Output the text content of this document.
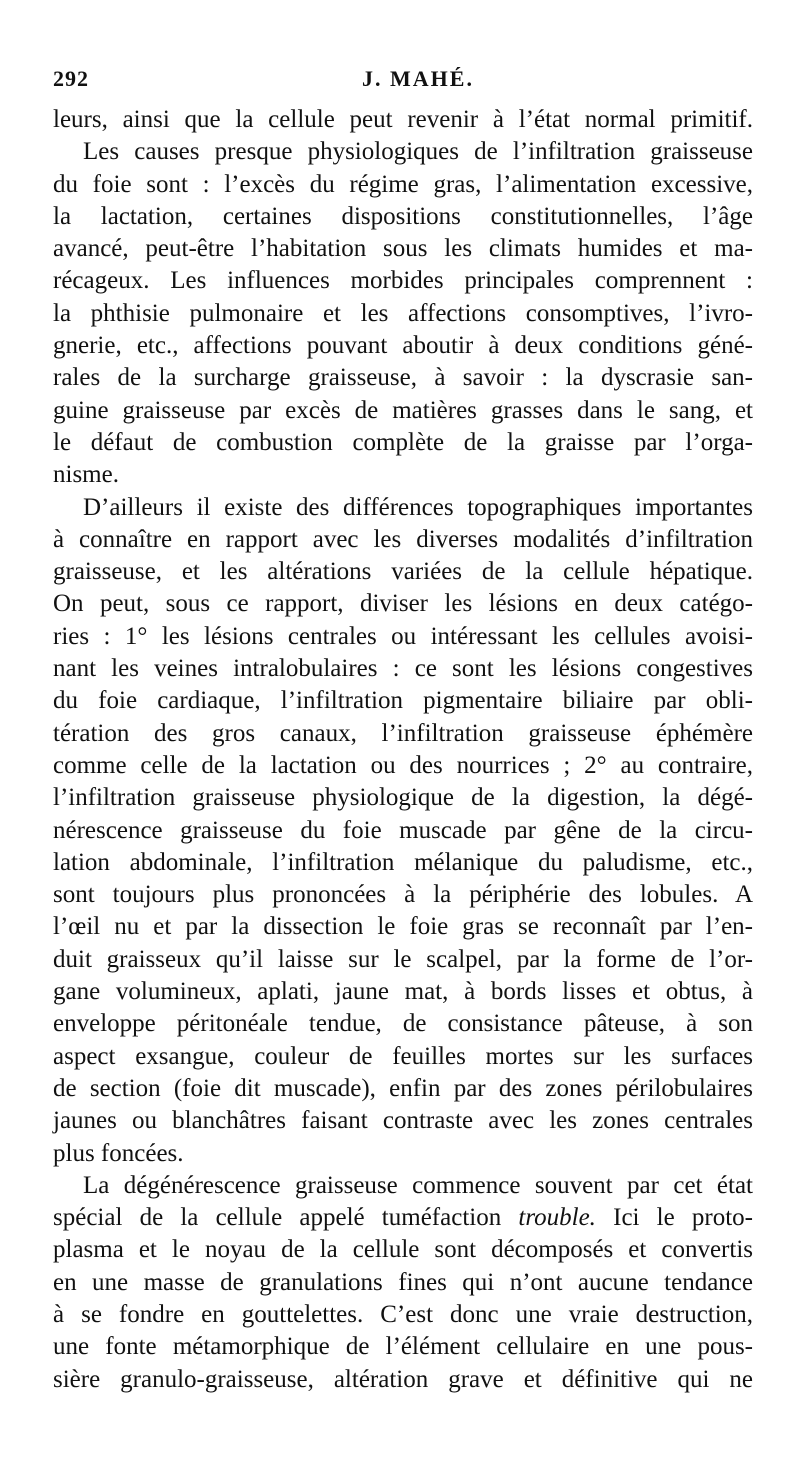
292	J. MAHÉ.
leurs, ainsi que la cellule peut revenir à l’état normal primitif.
Les causes presque physiologiques de l’infiltration graisseuse
du foie sont : l’excès du régime gras, l’alimentation excessive,
la lactation, certaines dispositions constitutionnelles, l’âge
avancé, peut-être l’habitation sous les climats humides et ma-
récageux. Les influences morbides principales comprennent :
la phthisie pulmonaire et les affections consomptives, l’ivro-
gnerie, etc., affections pouvant aboutir à deux conditions géné-
rales de la surcharge graisseuse, à savoir : la dyscrasie san-
guine graisseuse par excès de matières grasses dans le sang, et
le défaut de combustion complète de la graisse par l’orga-
nisme.
D’ailleurs il existe des différences topographiques importantes
à connaître en rapport avec les diverses modalités d’infiltration
graisseuse, et les altérations variées de la cellule hépatique.
On peut, sous ce rapport, diviser les lésions en deux catégo-
ries : 1° les lésions centrales ou intéressant les cellules avoisi-
nant les veines intralobulaires : ce sont les lésions congestives
du foie cardiaque, l’infiltration pigmentaire biliaire par obli-
tération des gros canaux, l’infiltration graisseuse éphémère
comme celle de la lactation ou des nourrices ; 2° au contraire,
l’infiltration graisseuse physiologique de la digestion, la dégé-
nérescence graisseuse du foie muscade par gêne de la circu-
lation abdominale, l’infiltration mélanique du paludisme, etc.,
sont toujours plus prononcées à la périphérie des lobules. A
l’œil nu et par la dissection le foie gras se reconnaît par l’en-
duit graisseux qu’il laisse sur le scalpel, par la forme de l’or-
gane volumineux, aplati, jaune mat, à bords lisses et obtus, à
enveloppe péritonéale tendue, de consistance pâteuse, à son
aspect exsangue, couleur de feuilles mortes sur les surfaces
de section (foie dit muscade), enfin par des zones périlobulaires
jaunes ou blanchâtres faisant contraste avec les zones centrales
plus foncées.
La dégénérescence graisseuse commence souvent par cet état
spécial de la cellule appelé tuméfaction trouble. Ici le proto-
plasma et le noyau de la cellule sont décomposés et convertis
en une masse de granulations fines qui n’ont aucune tendance
à se fondre en gouttelettes. C’est donc une vraie destruction,
une fonte métamorphique de l’élément cellulaire en une pous-
sière granulo-graisseuse, altération grave et définitive qui ne
